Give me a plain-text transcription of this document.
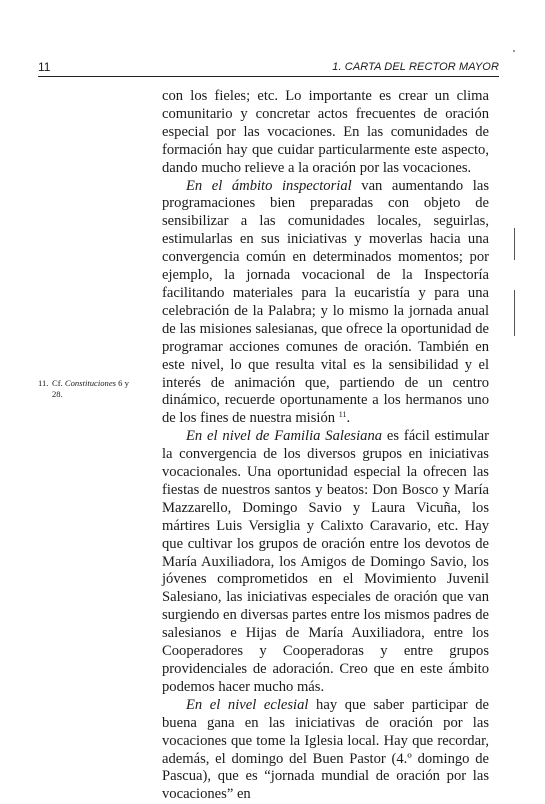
11	1. CARTA DEL RECTOR MAYOR

con los fieles; etc. Lo importante es crear un clima comunitario y concretar actos frecuentes de oración especial por las vocaciones. En las comunidades de formación hay que cuidar particularmente este aspecto, dando mucho relieve a la oración por las vocaciones.

En el ámbito inspectorial van aumentando las programaciones bien preparadas con objeto de sensibilizar a las comunidades locales, seguirlas, estimularlas en sus iniciativas y moverlas hacia una convergencia común en determinados momentos; por ejemplo, la jornada vocacional de la Inspectoría facilitando materiales para la eucaristía y para una celebración de la Palabra; y lo mismo la jornada anual de las misiones salesianas, que ofrece la oportunidad de programar acciones comunes de oración. También en este nivel, lo que resulta vital es la sensibilidad y el interés de animación que, partiendo de un centro dinámico, recuerde oportunamente a los hermanos uno de los fines de nuestra misión $^{11}$.

En el nivel de Familia Salesiana es fácil estimular la convergencia de los diversos grupos en iniciativas vocacionales. Una oportunidad especial la ofrecen las fiestas de nuestros santos y beatos: Don Bosco y María Mazzarello, Domingo Savio y Laura Vicuña, los mártires Luis Versiglia y Calixto Caravario, etc. Hay que cultivar los grupos de oración entre los devotos de María Auxiliadora, los Amigos de Domingo Savio, los jóvenes comprometidos en el Movimiento Juvenil Salesiano, las iniciativas especiales de oración que van surgiendo en diversas partes entre los mismos padres de salesianos e Hijas de María Auxiliadora, entre los Cooperadores y Cooperadoras y entre grupos providenciales de adoración. Creo que en este ámbito podemos hacer mucho más.

En el nivel eclesial hay que saber participar de buena gana en las iniciativas de oración por las vocaciones que tome la Iglesia local. Hay que recordar, además, el domingo del Buen Pastor (4.º domingo de Pascua), que es “jornada mundial de oración por las vocaciones” en

11. Cf. Constituciones 6 y
28.
